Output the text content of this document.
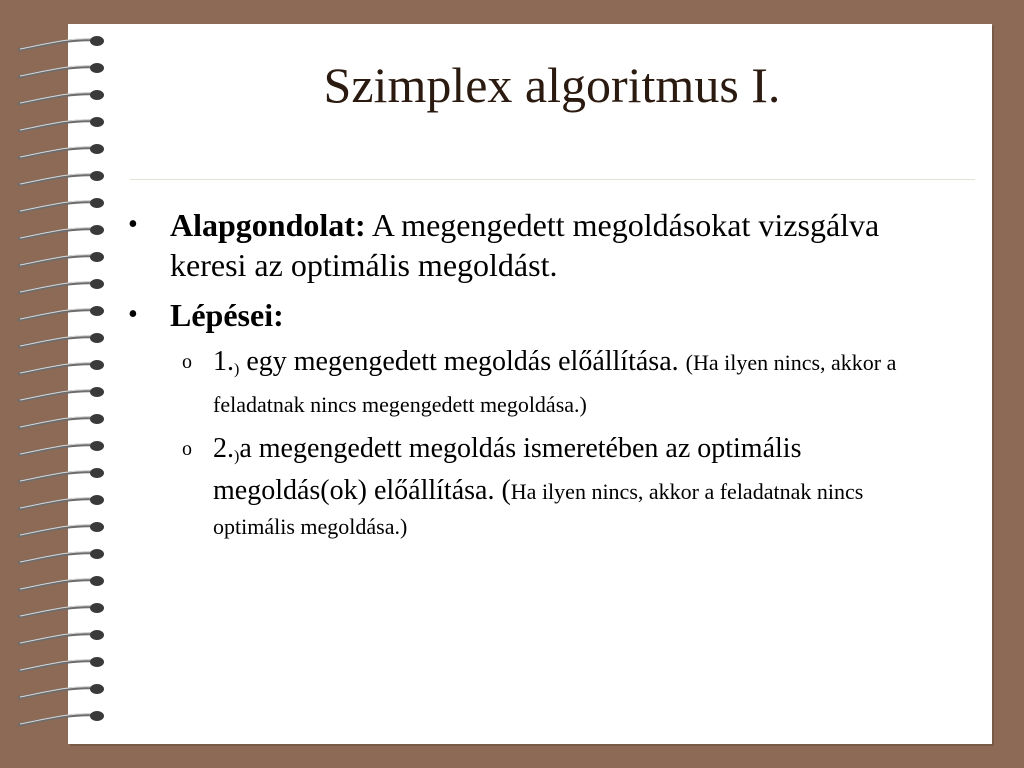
Szimplex algoritmus I.
• Alapgondolat: A megengedett megoldásokat vizsgálva keresi az optimális megoldást.
• Lépései:
o $1._)$ egy megengedett megoldás előállítása. (Ha ilyen nincs, akkor a feladatnak nincs megengedett megoldása.)
o $2._)a$ megengedett megoldás ismeretében az optimális megoldás(ok) előállítása. (Ha ilyen nincs, akkor a feladatnak nincs optimális megoldása.)
